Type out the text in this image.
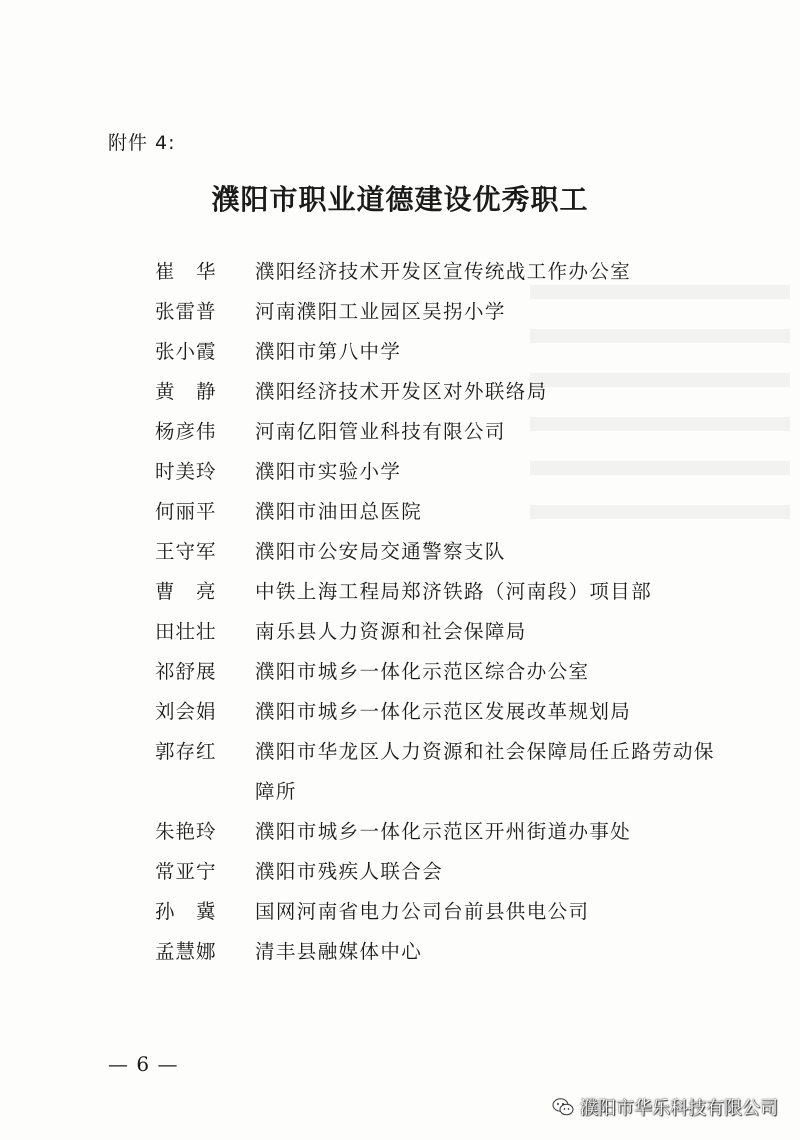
附件 4:
濮阳市职业道德建设优秀职工
崔　华	濮阳经济技术开发区宣传统战工作办公室
张雷普	河南濮阳工业园区吴拐小学
张小霞	濮阳市第八中学
黄　静	濮阳经济技术开发区对外联络局
杨彦伟	河南亿阳管业科技有限公司
时美玲	濮阳市实验小学
何丽平	濮阳市油田总医院
王守军	濮阳市公安局交通警察支队
曹　亮	中铁上海工程局郑济铁路（河南段）项目部
田壮壮	南乐县人力资源和社会保障局
祁舒展	濮阳市城乡一体化示范区综合办公室
刘会娟	濮阳市城乡一体化示范区发展改革规划局
郭存红	濮阳市华龙区人力资源和社会保障局任丘路劳动保障所
朱艳玲	濮阳市城乡一体化示范区开州街道办事处
常亚宁	濮阳市残疾人联合会
孙　冀	国网河南省电力公司台前县供电公司
孟慧娜	清丰县融媒体中心
— 6 —
濮阳市华乐科技有限公司
